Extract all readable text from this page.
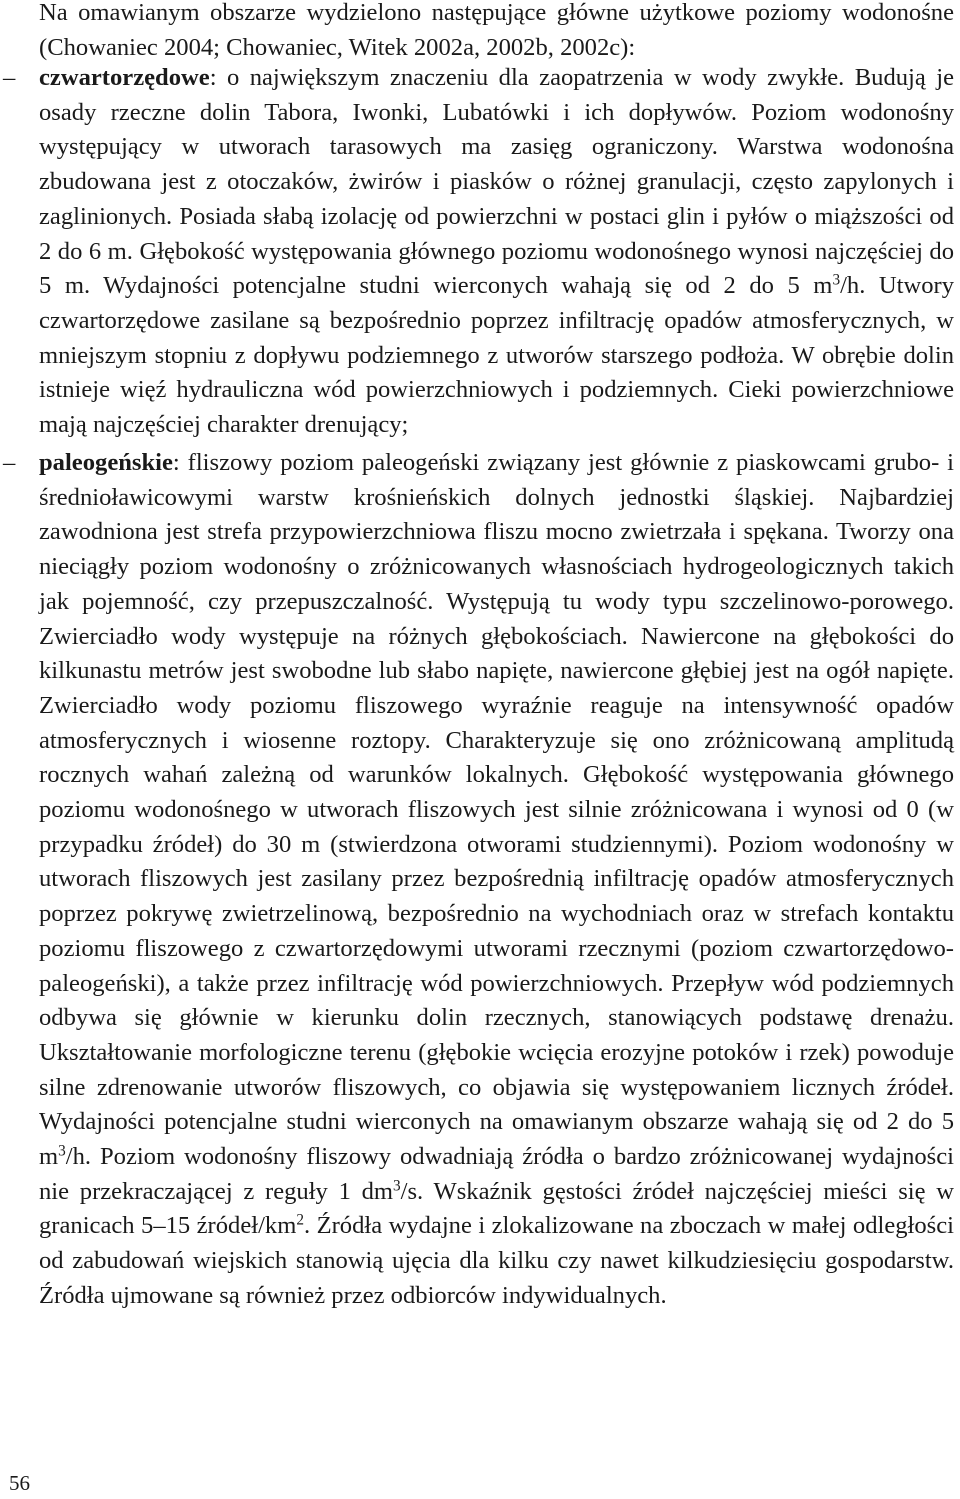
Na omawianym obszarze wydzielono następujące główne użytkowe poziomy wodonośne (Chowaniec 2004; Chowaniec, Witek 2002a, 2002b, 2002c):

– czwartorzędowe: o największym znaczeniu dla zaopatrzenia w wody zwykłe. Budują je osady rzeczne dolin Tabora, Iwonki, Lubatówki i ich dopływów. Poziom wodonośny występujący w utworach tarasowych ma zasięg ograniczony. Warstwa wodonośna zbudowana jest z otoczaków, żwirów i piasków o różnej granulacji, często zapylonych i zaglinionych. Posiada słabą izolację od powierzchni w postaci glin i pyłów o miąższości od 2 do 6 m. Głębokość występowania głównego poziomu wodonośnego wynosi najczęściej do 5 m. Wydajności potencjalne studni wierconych wahają się od 2 do 5 $m^3/h$. Utwory czwartorzędowe zasilane są bezpośrednio poprzez infiltrację opadów atmosferycznych, w mniejszym stopniu z dopływu podziemnego z utworów starszego podłoża. W obrębie dolin istnieje więź hydrauliczna wód powierzchniowych i podziemnych. Cieki powierzchniowe mają najczęściej charakter drenujący;

– paleogeńskie: fliszowy poziom paleogeński związany jest głównie z piaskowcami grubo- i średnioławicowymi warstw krośnieńskich dolnych jednostki śląskiej. Najbardziej zawodniona jest strefa przypowierzchniowa fliszu mocno zwietrzała i spękana. Tworzy ona nieciągły poziom wodonośny o zróżnicowanych własnościach hydrogeologicznych takich jak pojemność, czy przepuszczalność. Występują tu wody typu szczelinowo-porowego. Zwierciadło wody występuje na różnych głębokościach. Nawiercone na głębokości do kilkunastu metrów jest swobodne lub słabo napięte, nawiercone głębiej jest na ogół napięte. Zwierciadło wody poziomu fliszowego wyraźnie reaguje na intensywność opadów atmosferycznych i wiosenne roztopy. Charakteryzuje się ono zróżnicowaną amplitudą rocznych wahań zależną od warunków lokalnych. Głębokość występowania głównego poziomu wodonośnego w utworach fliszowych jest silnie zróżnicowana i wynosi od 0 (w przypadku źródeł) do 30 m (stwierdzona otworami studziennymi). Poziom wodonośny w utworach fliszowych jest zasilany przez bezpośrednią infiltrację opadów atmosferycznych poprzez pokrywę zwietrzelinową, bezpośrednio na wychodniach oraz w strefach kontaktu poziomu fliszowego z czwartorzędowymi utworami rzecznymi (poziom czwartorzędowo-paleogeński), a także przez infiltrację wód powierzchniowych. Przepływ wód podziemnych odbywa się głównie w kierunku dolin rzecznych, stanowiących podstawę drenażu. Ukształtowanie morfologiczne terenu (głębokie wcięcia erozyjne potoków i rzek) powoduje silne zdrenowanie utworów fliszowych, co objawia się występowaniem licznych źródeł. Wydajności potencjalne studni wierconych na omawianym obszarze wahają się od 2 do 5 $m^3/h$. Poziom wodonośny fliszowy odwadniają źródła o bardzo zróżnicowanej wydajności nie przekraczającej z reguły 1 $dm^3/s$. Wskaźnik gęstości źródeł najczęściej mieści się w granicach 5–15 źródeł/$km^2$. Źródła wydajne i zlokalizowane na zboczach w małej odległości od zabudowań wiejskich stanowią ujęcia dla kilku czy nawet kilkudziesięciu gospodarstw. Źródła ujmowane są również przez odbiorców indywidualnych.

56
